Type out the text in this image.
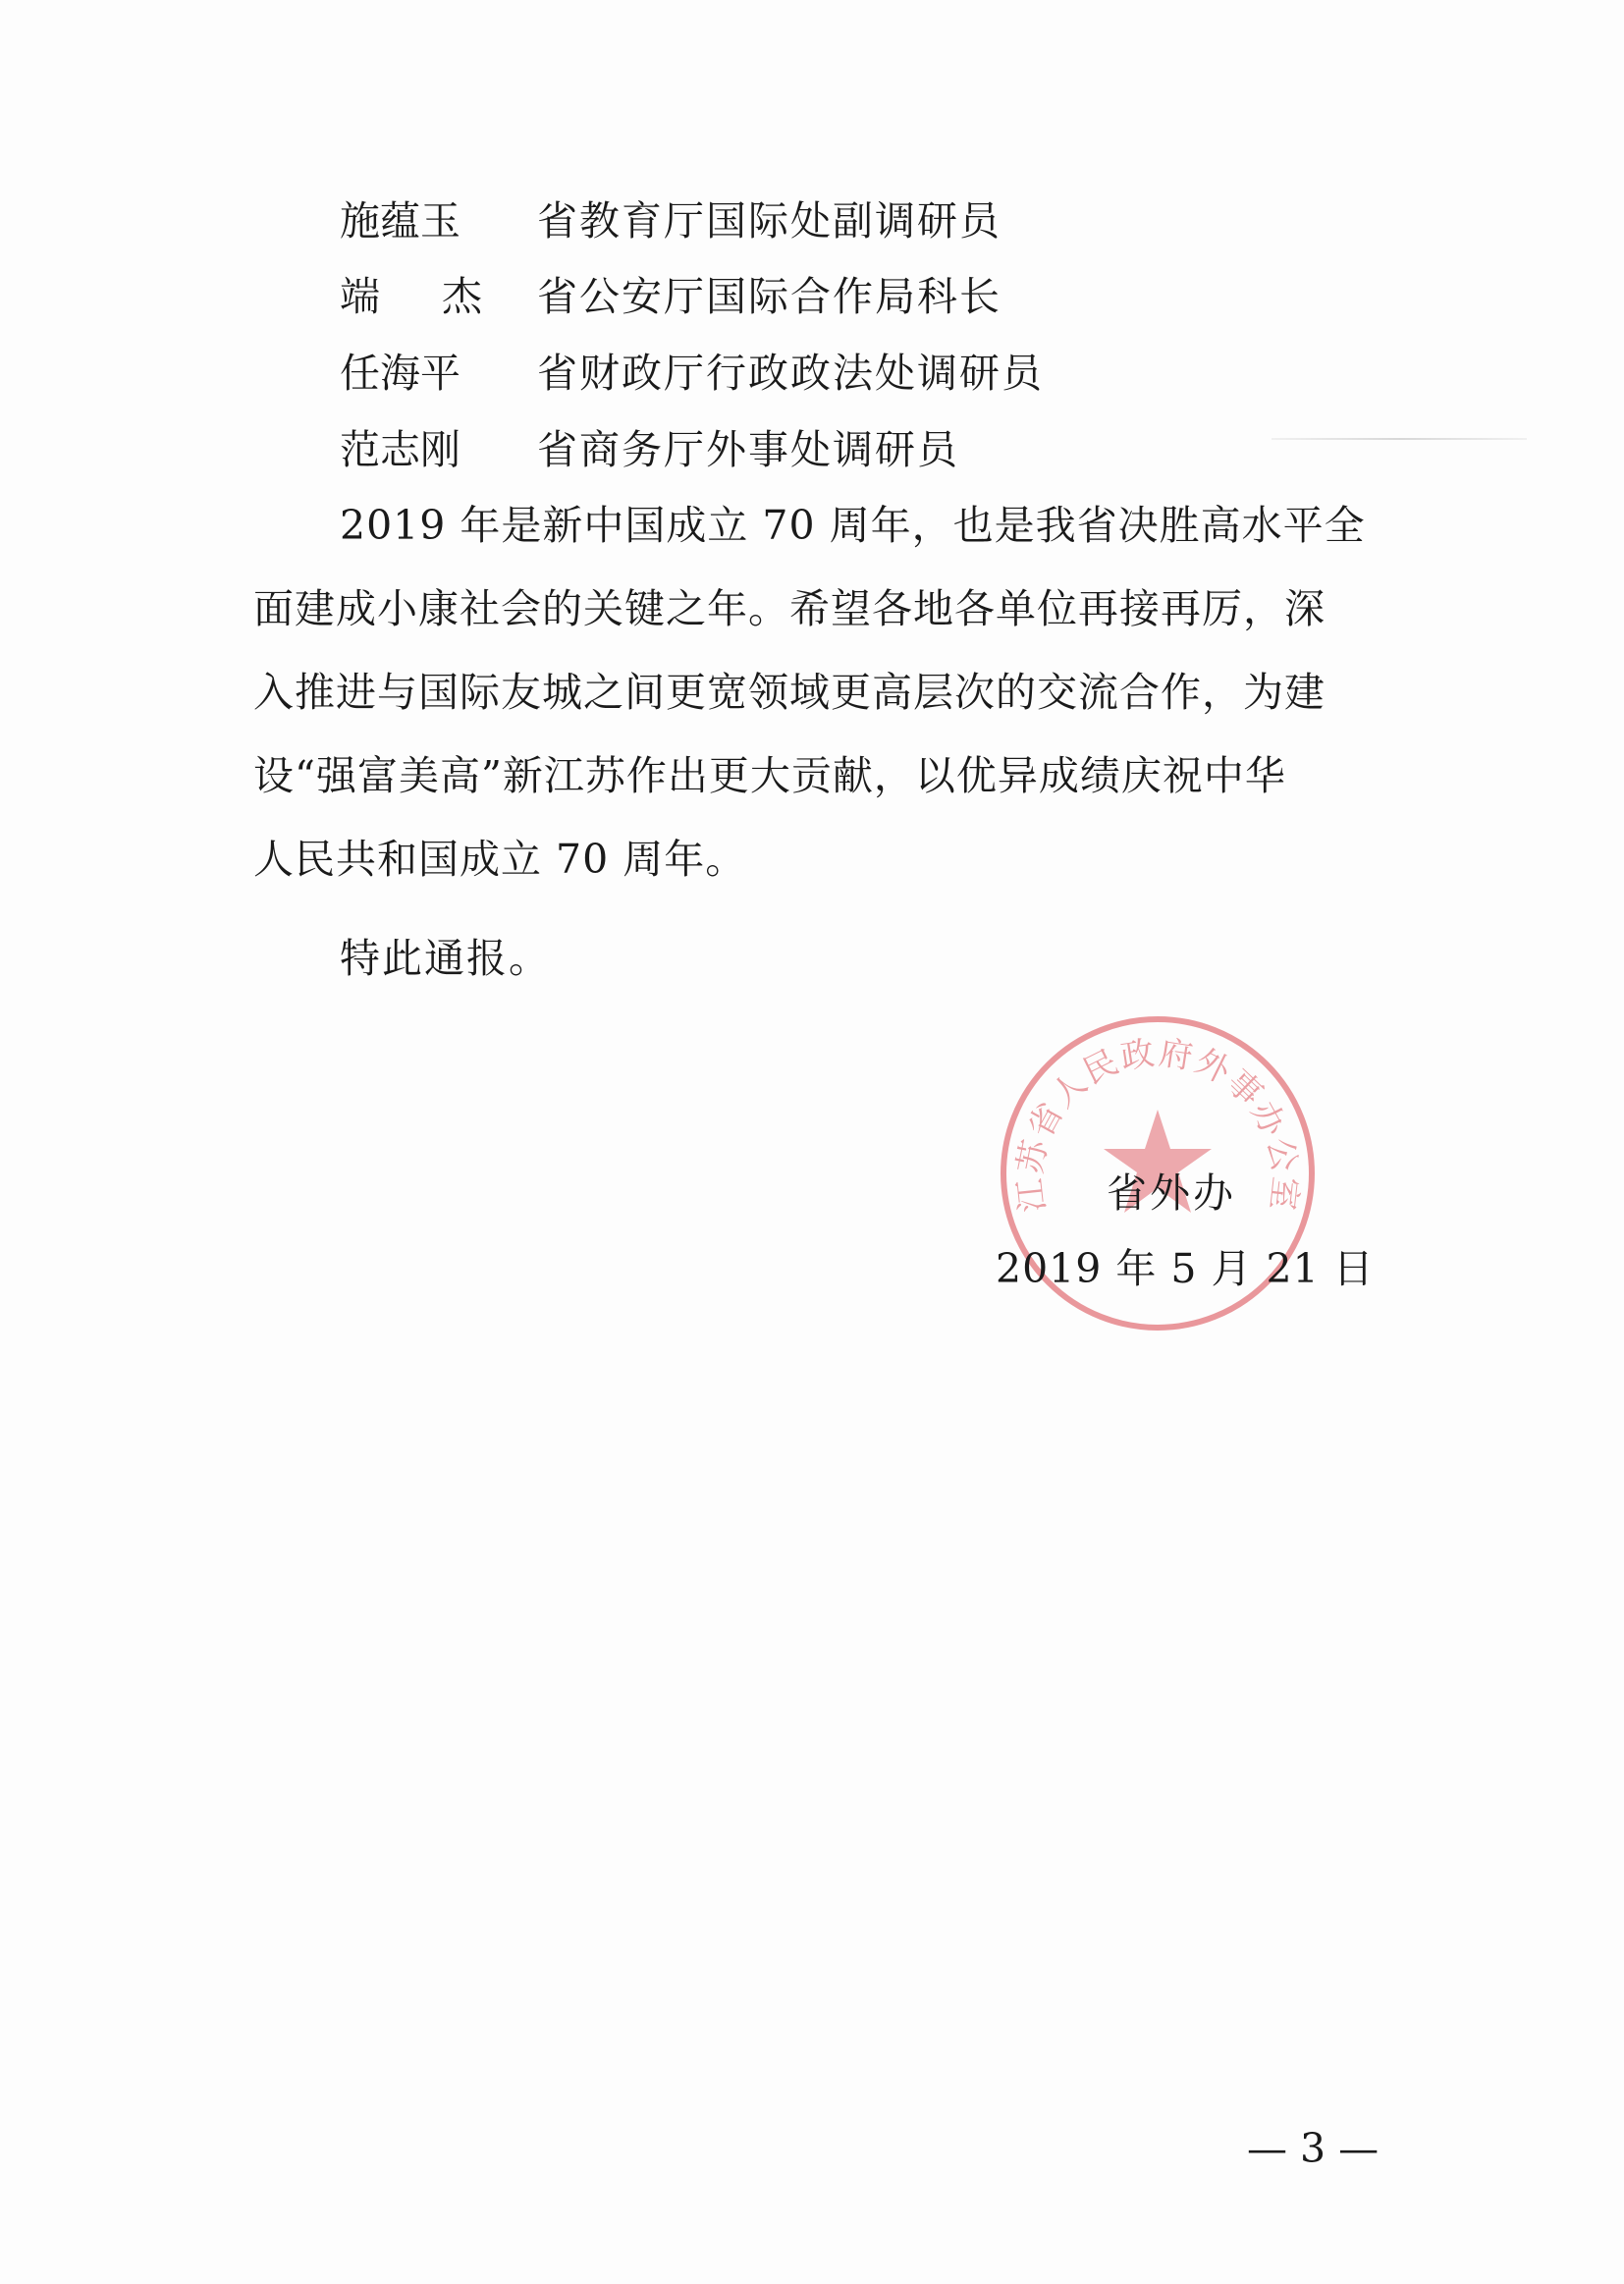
施蕴玉 省教育厅国际处副调研员
端杰
省公安厅国际合作局科长
任海平 省财政厅行政政法处调研员
范志刚 省商务厅外事处调研员
2019 年是新中国成立 70 周年，也是我省决胜高水平全
面建成小康社会的关键之年。希望各地各单位再接再厉，深
入推进与国际友城之间更宽领域更高层次的交流合作，为建
设“强富美高”新江苏作出更大贡献，以优异成绩庆祝中华
人民共和国成立 70 周年。
特此通报。
江苏省人民政府外事办公室
省外办
2019 年 5 月 21 日
— 3 —
